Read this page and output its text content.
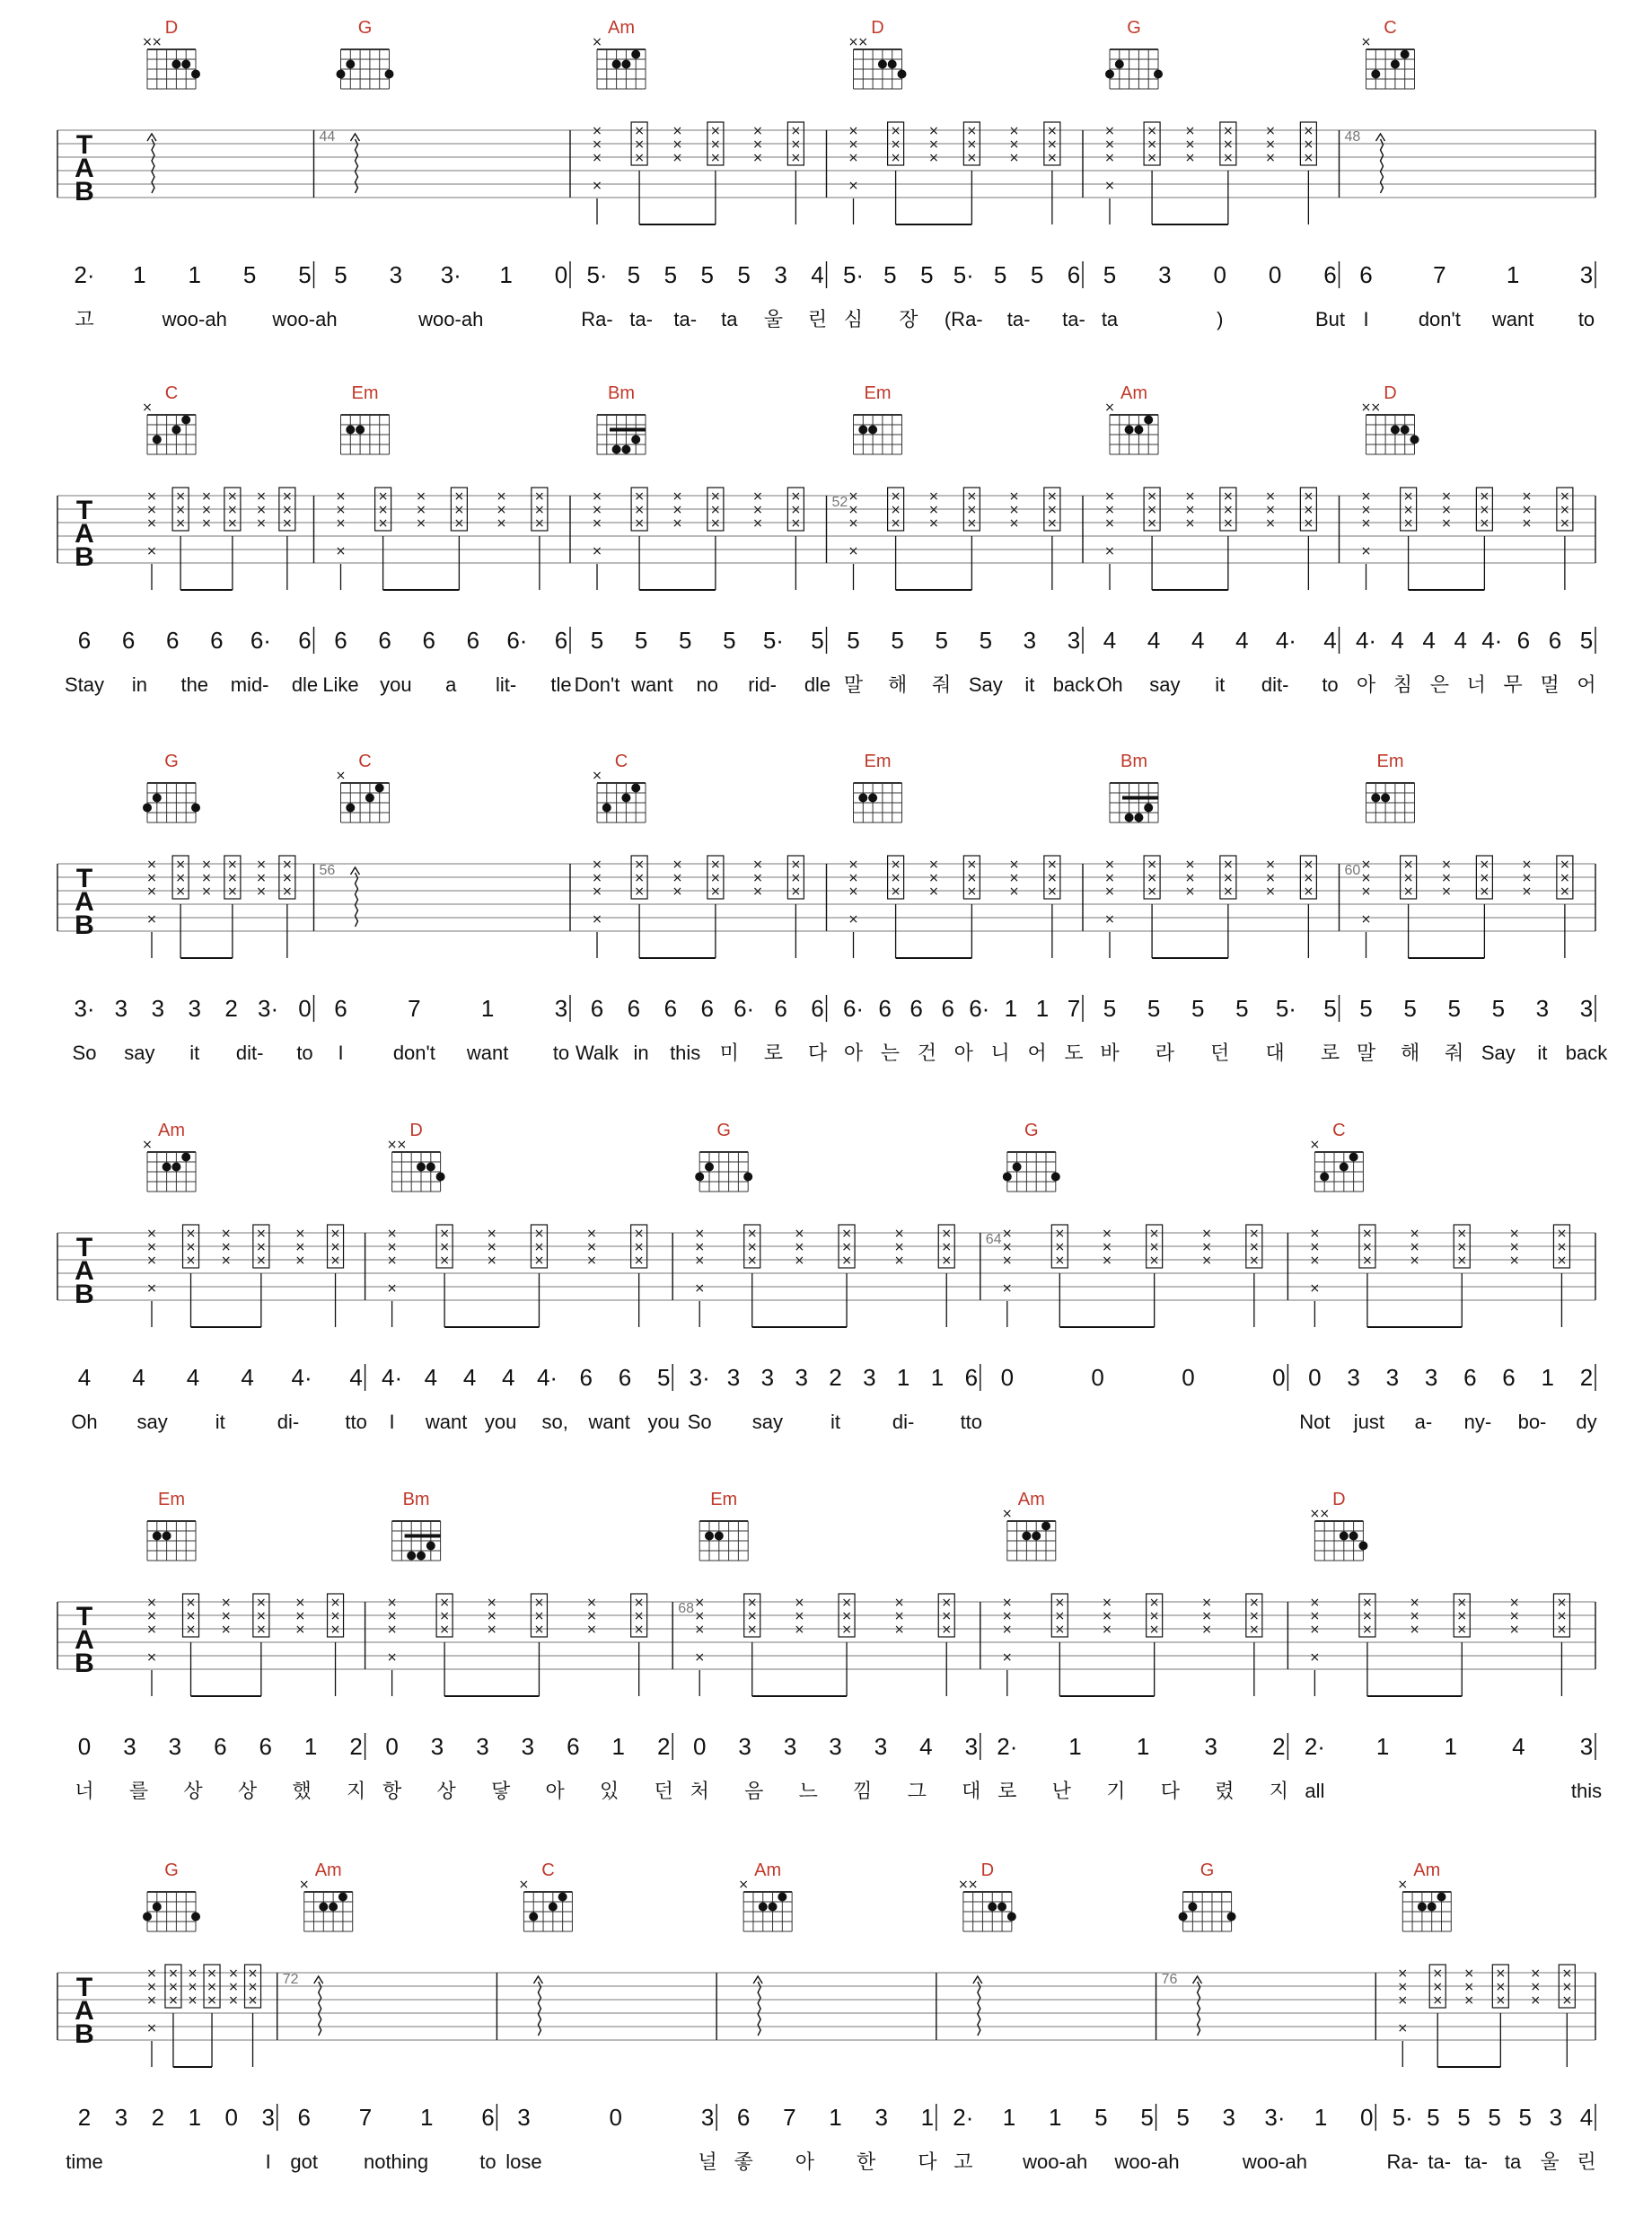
T
A
B
× ×
D	G
×
Am
×
×
×
×
×
×
×
×
×
×
×
×
×
×
×
×
×
×
×
× ×
D
×
×
×
×
×
×
×
×
×
×
×
×
×
×
×
×
×
×
×
G
×
×
×
×
×
×
×
×
×
×
×
×
×
×
×
×
×
×
×
×
C
44	48
2· 1 1 5 5 5 3 3· 1 0 5· 5 5 5 5 3 4 5· 5 5 5· 5 5 6 5 3 0 0 6 6	7	1	3
고	woo-ah woo-ah	woo-ah	Ra- ta- ta- ta 울 린 심 장 (Ra- ta- ta- ta	)	But I	don't want to
T
A
B
×
C
×
×
×
×
×
×
×
×
×
×
×
×
×
×
×
×
×
×
×
Em
×
×
×
×
×
×
×
×
×
×
×
×
×
×
×
×
×
×
×
Bm
×
×
×
×
×
×
×
×
×
×
×
×
×
×
×
×
×
×
×
Em
×
×
×
×
×
×
×
×
×
×
×
×
×
×
×
×
×
×
×
×
Am
×
×
×
×
×
×
×
×
×
×
×
×
×
×
×
×
×
×
×
× ×
D
×
×
×
×
×
×
×
×
×
×
×
×
×
×
×
×
×
×
×
52
6 6 6 6 6· 6 6 6 6 6 6· 6 5 5 5 5 5· 5 5 5 5 5 3 3 4 4 4 4 4· 4 4· 4 4 4 4· 6 6 5
Stay in the mid- dle Like you a lit- tle Don't want no rid- dle 말 해 줘 Say it back Oh say it dit- to 아 침 은 너 무 멀 어
T
A
B
G
×
×
×
×
×
×
×
×
×
×
×
×
×
×
×
×
×
×
×
×
C
×
C
×
×
×
×
×
×
×
×
×
×
×
×
×
×
×
×
×
×
×
Em
×
×
×
×
×
×
×
×
×
×
×
×
×
×
×
×
×
×
×
Bm
×
×
×
×
×
×
×
×
×
×
×
×
×
×
×
×
×
×
×
Em
×
×
×
×
×
×
×
×
×
×
×
×
×
×
×
×
×
×
×
56	60
3· 3 3 3 2 3· 0 6	7	1	3 6 6 6 6 6· 6 6 6· 6 6 6 6· 1 1 7 5 5 5 5 5· 5 5 5 5 5 3 3
So say it dit- to I	don't want to Walk in this 미 로 다 아 는 건 아 니 어 도 바 라 던 대 로 말 해 줘 Say it back
T
A
B
×
Am
×
×
×
×
×
×
×
×
×
×
×
×
×
×
×
×
×
×
×
× ×
D
×
×
×
×
×
×
×
×
×
×
×
×
×
×
×
×
×
×
×
G
×
×
×
×
×
×
×
×
×
×
×
×
×
×
×
×
×
×
×
G
×
×
×
×
×
×
×
×
×
×
×
×
×
×
×
×
×
×
×
×
C
×
×
×
×
×
×
×
×
×
×
×
×
×
×
×
×
×
×
×
64
4 4 4 4 4· 4 4· 4 4 4 4· 6 6 5 3· 3 3 3 2 3 1 1 6 0	0	0	0 0 3 3 3 6 6 1 2
Oh say it	di- tto I want you so, want you So say it	di- tto	Not just a- ny- bo- dy
T
A
B
Em
×
×
×
×
×
×
×
×
×
×
×
×
×
×
×
×
×
×
×
Bm
×
×
×
×
×
×
×
×
×
×
×
×
×
×
×
×
×
×
×
Em
×
×
×
×
×
×
×
×
×
×
×
×
×
×
×
×
×
×
×
×
Am
×
×
×
×
×
×
×
×
×
×
×
×
×
×
×
×
×
×
×
× ×
D
×
×
×
×
×
×
×
×
×
×
×
×
×
×
×
×
×
×
×
68
0 3 3 6 6 1 2 0 3 3 3 6 1 2 0 3 3 3 3 4 3 2· 1 1 3 2 2· 1 1 4 3
너 를 상 상 했 지 항 상 닿 아 있 던 처 음 느 낌 그 대 로 난 기 다 렸 지 all	this
T
A
B
G
×
×
×
×
×
×
×
×
×
×
×
×
×
×
×
×
×
×
×
×
Am
×
C
×
Am
× ×
D	G
×
Am
×
×
×
×
×
×
×
×
×
×
×
×
×
×
×
×
×
×
×
72	76
2 3 2 1 0 3 6 7 1 6 3	0	3 6 7 1 3 1 2· 1 1 5 5 5 3 3· 1 0 5· 5 5 5 5 3 4
time	I got nothing	to lose	널 좋 아 한 다 고	woo-ah woo-ah	woo-ah	Ra- ta- ta- ta 울 린
